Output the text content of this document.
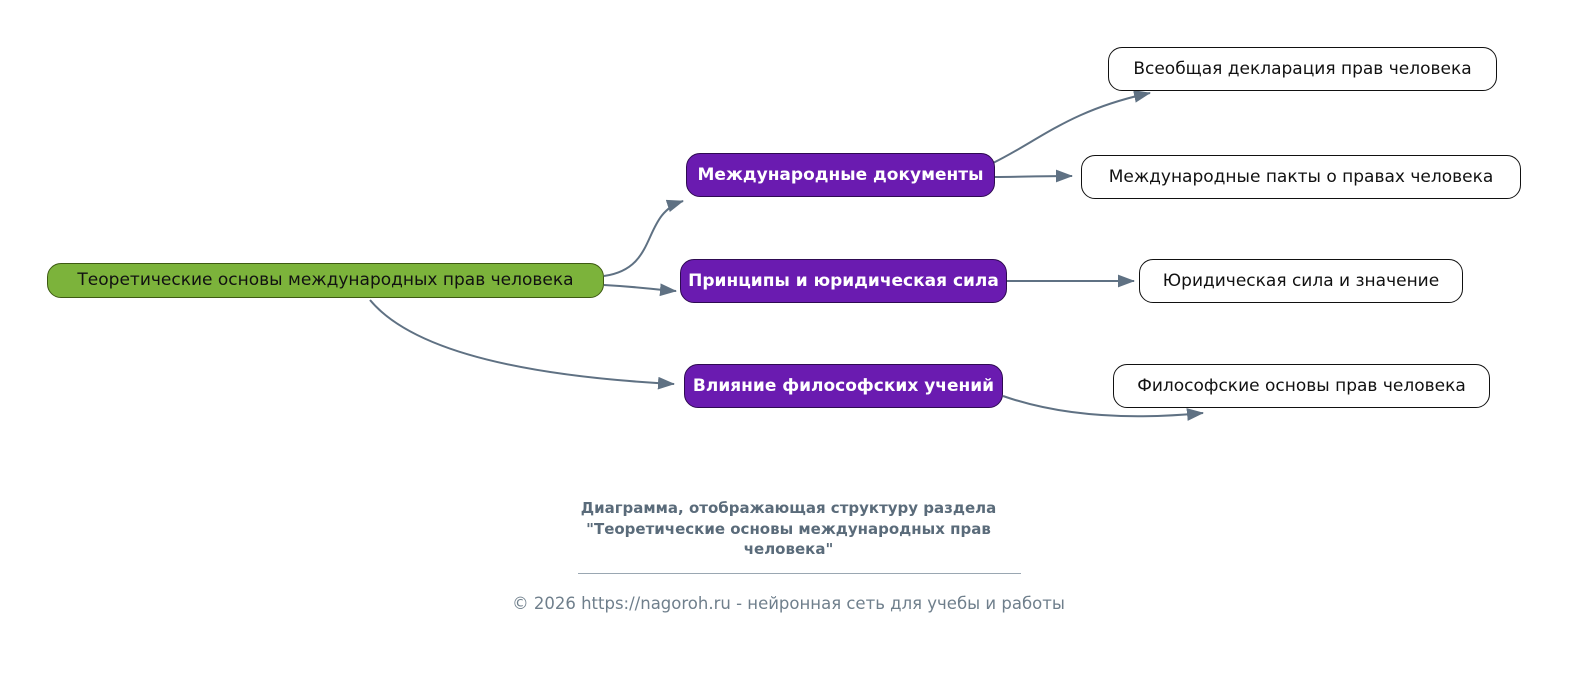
Теоретические основы международных прав человека
Международные документы
Принципы и юридическая сила
Влияние философских учений
Всеобщая декларация прав человека
Международные пакты о правах человека
Юридическая сила и значение
Философские основы прав человека
Диаграмма, отображающая структуру раздела
"Теоретические основы международных прав
человека"
© 2026 https://nagoroh.ru - нейронная сеть для учебы и работы
